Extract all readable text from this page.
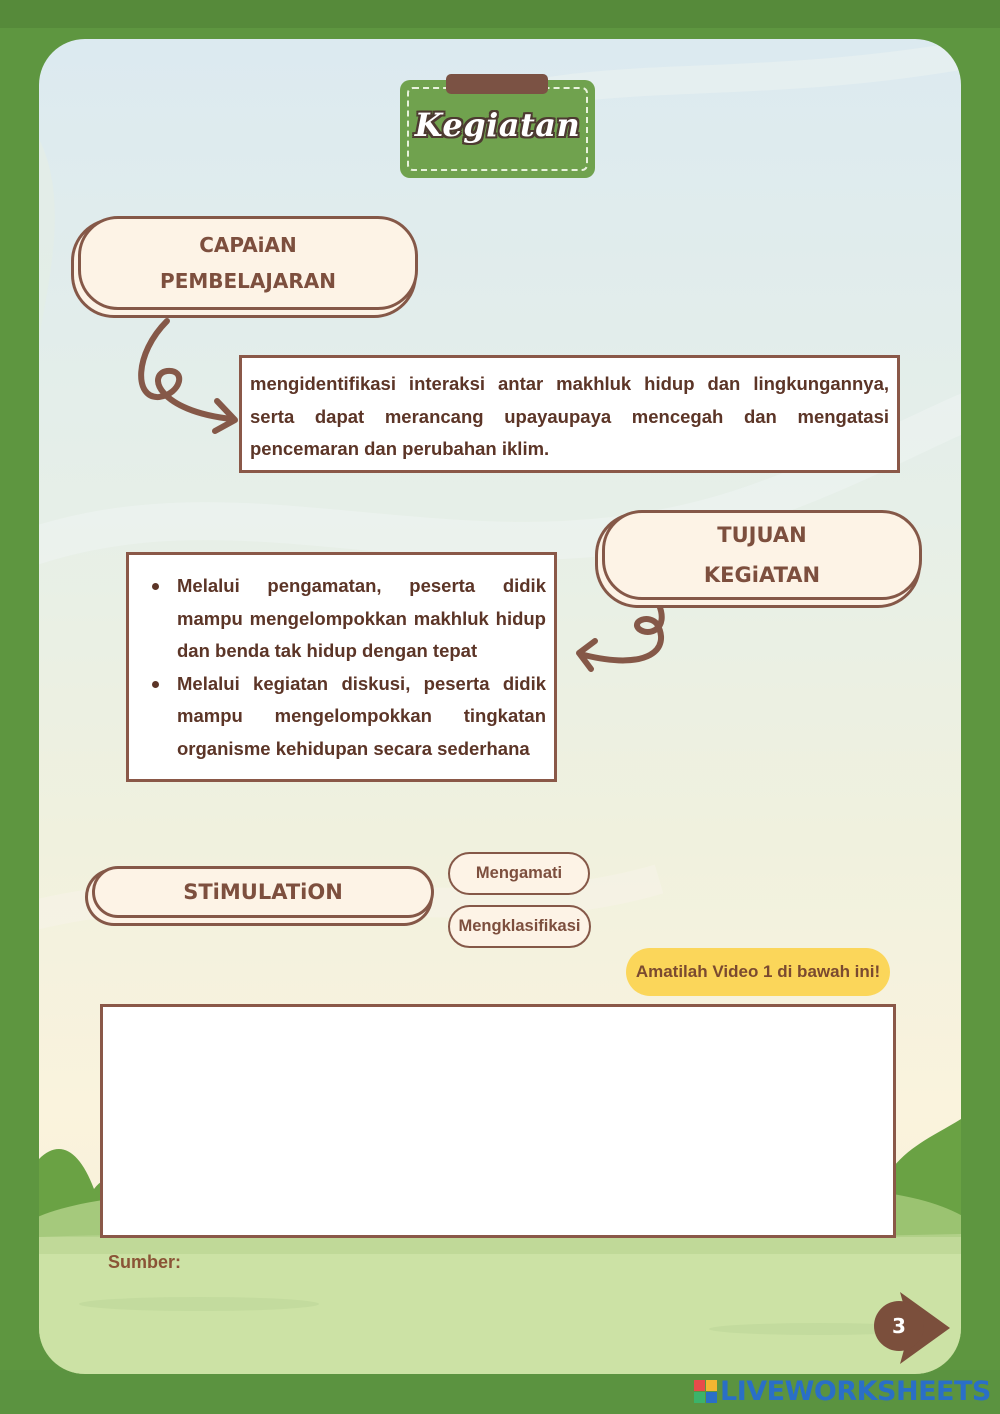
Kegiatan
CAPAiAN
PEMBELAJARAN

mengidentifikasi interaksi antar makhluk hidup dan lingkungannya, serta dapat merancang upayaupaya mencegah dan mengatasi pencemaran dan perubahan iklim.

TUJUAN
KEGiATAN
Melalui pengamatan, peserta didik mampu mengelompokkan makhluk hidup dan benda tak hidup dengan tepat
Melalui kegiatan diskusi, peserta didik mampu mengelompokkan tingkatan organisme kehidupan secara sederhana
STiMULATiON
Mengamati
Mengklasifikasi
Amatilah Video 1 di bawah ini!
Sumber:
3
LIVEWORKSHEETS
